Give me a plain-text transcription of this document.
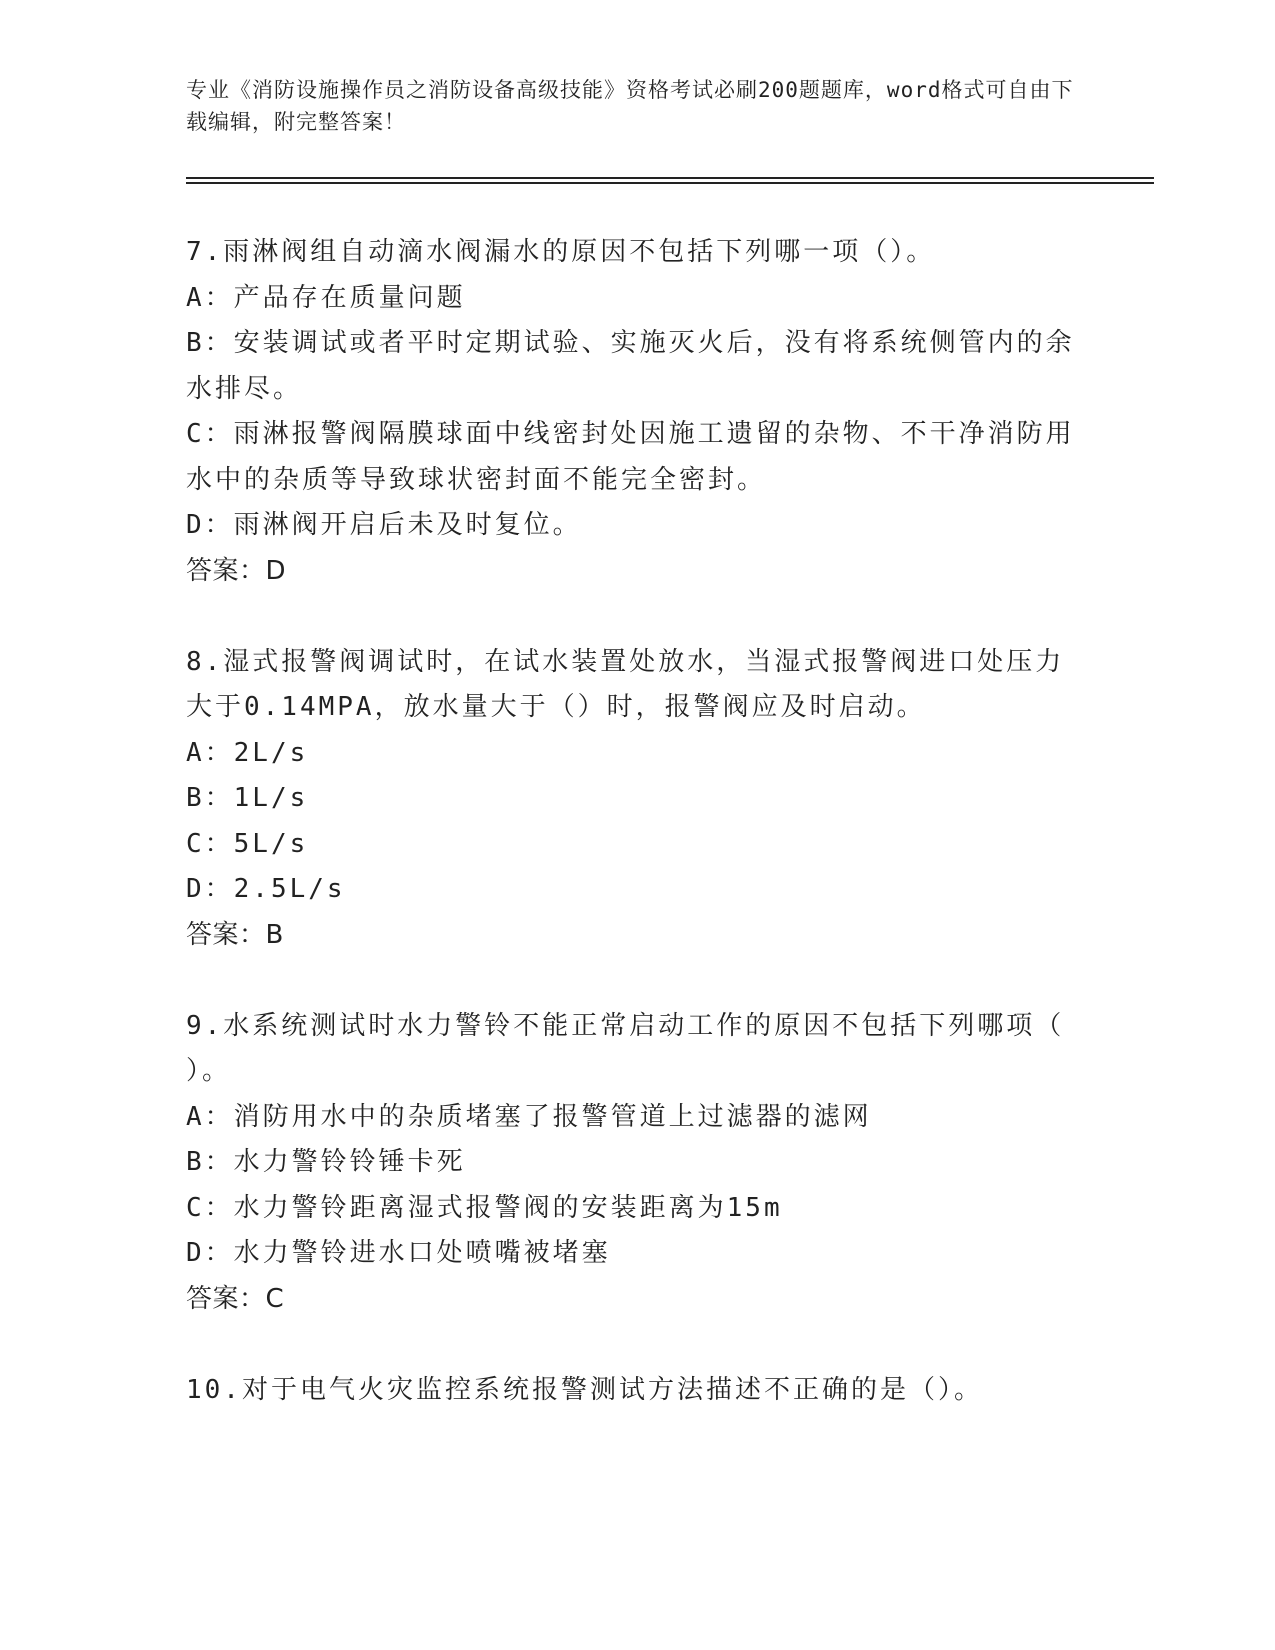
专业《消防设施操作员之消防设备高级技能》资格考试必刷200题题库，word格式可自由下载编辑，附完整答案！
7.雨淋阀组自动滴水阀漏水的原因不包括下列哪一项（）。
A：产品存在质量问题
B：安装调试或者平时定期试验、实施灭火后，没有将系统侧管内的余
水排尽。
C：雨淋报警阀隔膜球面中线密封处因施工遗留的杂物、不干净消防用
水中的杂质等导致球状密封面不能完全密封。
D：雨淋阀开启后未及时复位。
答案：D
8.湿式报警阀调试时，在试水装置处放水，当湿式报警阀进口处压力
大于0.14MPA，放水量大于（）时，报警阀应及时启动。
A：2L/s
B：1L/s
C：5L/s
D：2.5L/s
答案：B
9.水系统测试时水力警铃不能正常启动工作的原因不包括下列哪项（
）。
A：消防用水中的杂质堵塞了报警管道上过滤器的滤网
B：水力警铃铃锤卡死
C：水力警铃距离湿式报警阀的安装距离为15m
D：水力警铃进水口处喷嘴被堵塞
答案：C
10.对于电气火灾监控系统报警测试方法描述不正确的是（）。
